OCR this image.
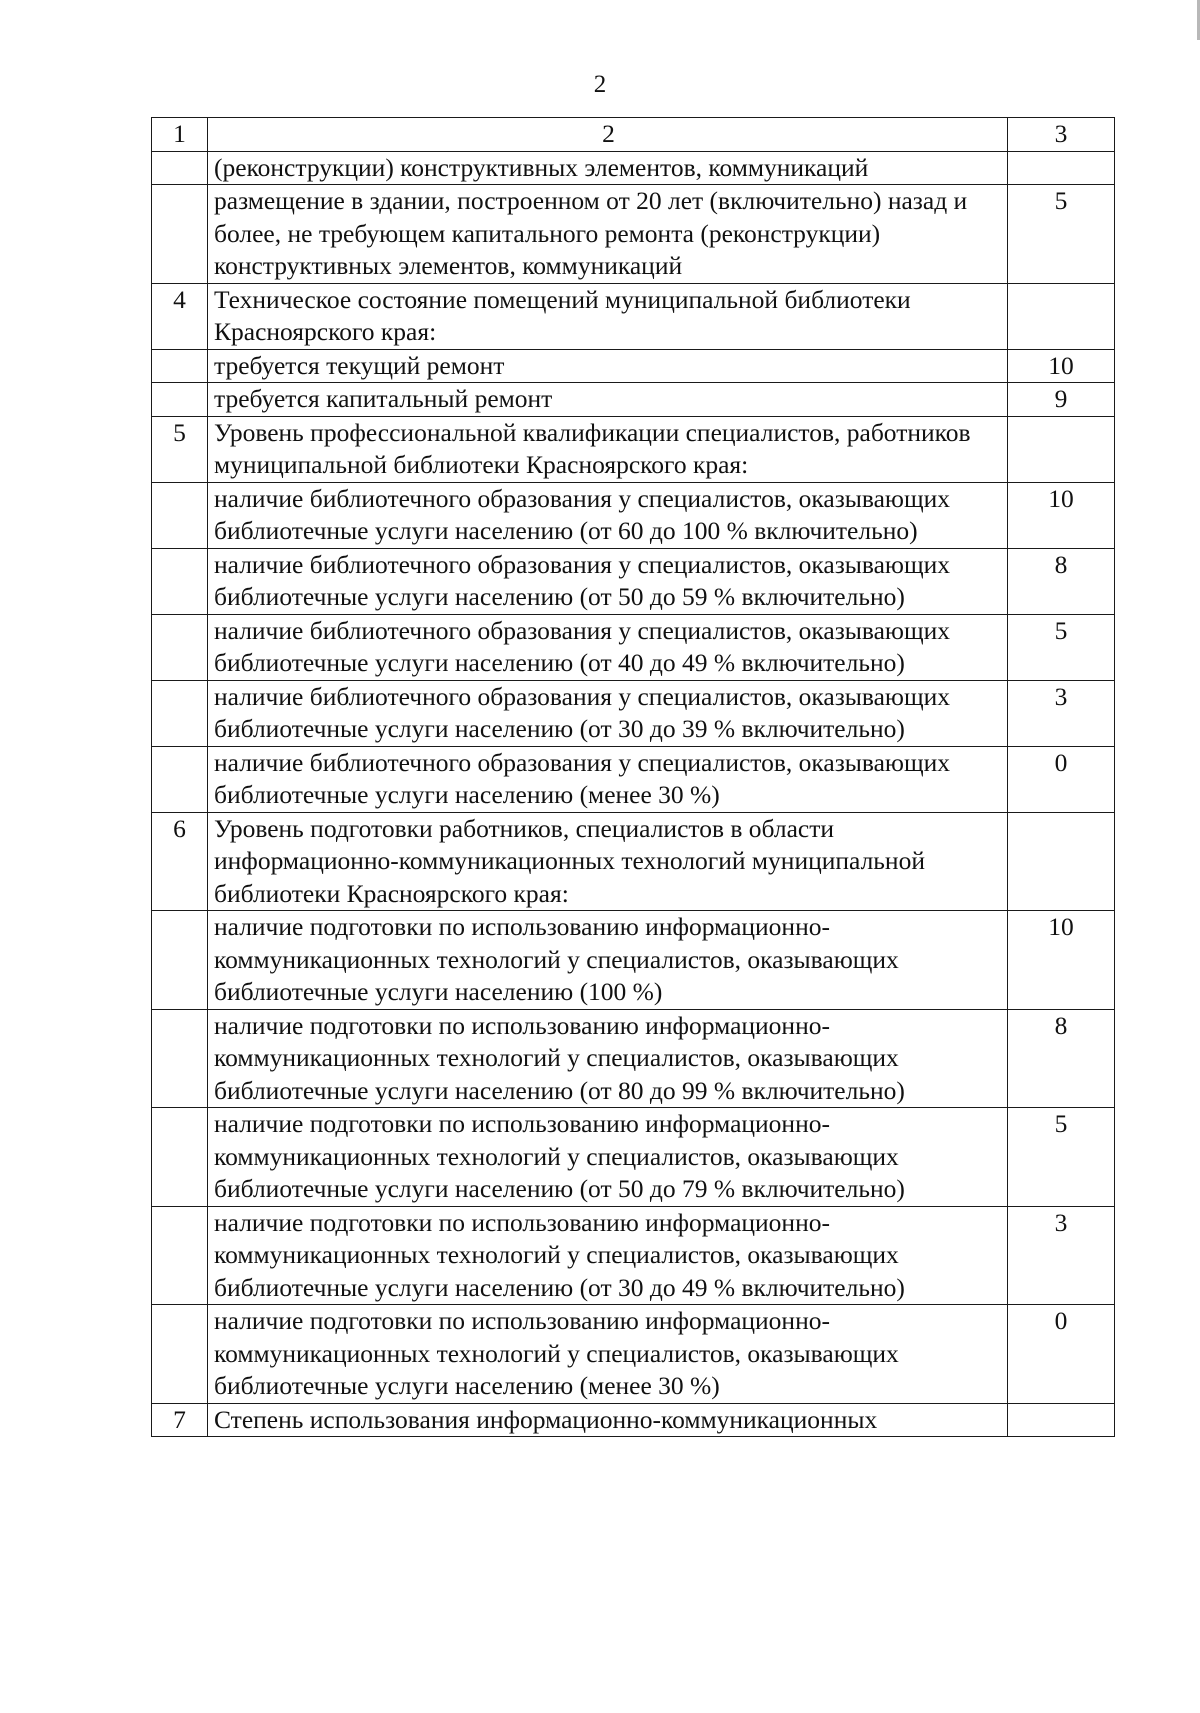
2
1	2	3
	(реконструкции) конструктивных элементов, коммуникаций	
	размещение в здании, построенном от 20 лет (включительно) назад и более, не требующем капитального ремонта (реконструкции) конструктивных элементов, коммуникаций	5
4	Техническое состояние помещений муниципальной библиотеки Красноярского края:	
	требуется текущий ремонт	10
	требуется капитальный ремонт	9
5	Уровень профессиональной квалификации специалистов, работников муниципальной библиотеки Красноярского края:	
	наличие библиотечного образования у специалистов, оказывающих библиотечные услуги населению (от 60 до 100 % включительно)	10
	наличие библиотечного образования у специалистов, оказывающих библиотечные услуги населению (от 50 до 59 % включительно)	8
	наличие библиотечного образования у специалистов, оказывающих библиотечные услуги населению (от 40 до 49 % включительно)	5
	наличие библиотечного образования у специалистов, оказывающих библиотечные услуги населению (от 30 до 39 % включительно)	3
	наличие библиотечного образования у специалистов, оказывающих библиотечные услуги населению (менее 30 %)	0
6	Уровень подготовки работников, специалистов в области информационно-коммуникационных технологий муниципальной библиотеки Красноярского края:	
	наличие подготовки по использованию информационно-коммуникационных технологий у специалистов, оказывающих библиотечные услуги населению (100 %)	10
	наличие подготовки по использованию информационно-коммуникационных технологий у специалистов, оказывающих библиотечные услуги населению (от 80 до 99 % включительно)	8
	наличие подготовки по использованию информационно-коммуникационных технологий у специалистов, оказывающих библиотечные услуги населению (от 50 до 79 % включительно)	5
	наличие подготовки по использованию информационно-коммуникационных технологий у специалистов, оказывающих библиотечные услуги населению (от 30 до 49 % включительно)	3
	наличие подготовки по использованию информационно-коммуникационных технологий у специалистов, оказывающих библиотечные услуги населению (менее 30 %)	0
7	Степень использования информационно-коммуникационных	
